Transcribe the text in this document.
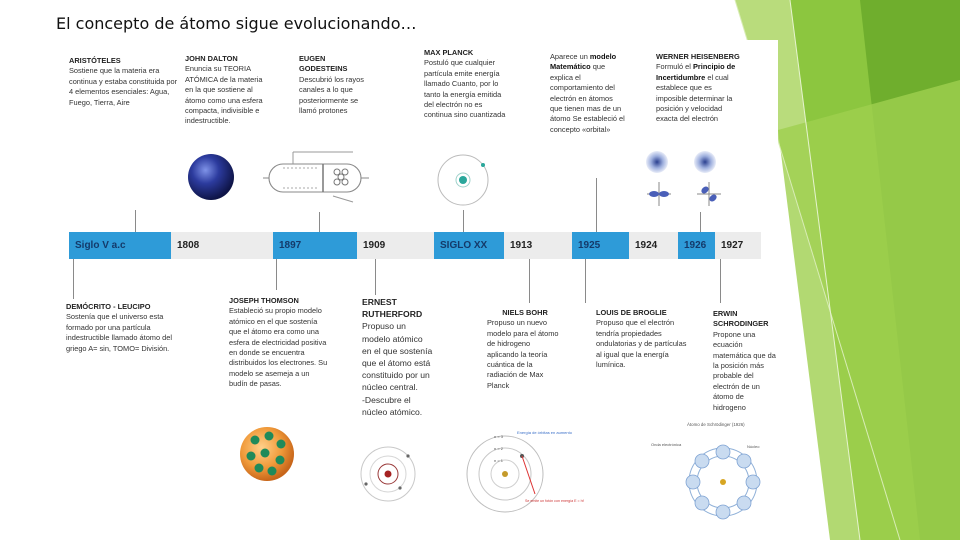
El concepto de átomo sigue evolucionando…
ARISTÓTELES
Sostiene que la materia era continua y estaba constituida por 4 elementos esenciales: Agua, Fuego, Tierra, Aire
JOHN DALTON
Enuncia su TEORIA ATÓMICA de la materia en la que sostiene al átomo como una esfera compacta, indivisible e indestructible.
EUGEN GODESTEINS
Descubrió los rayos canales a lo que posteriormente se llamó protones
MAX PLANCK
Postuló que cualquier partícula emite energía llamado Cuanto, por lo tanto la energía emitida del electrón no es continua sino cuantizada
Aparece un modelo Matemático que explica el comportamiento del electrón en átomos que tienen mas de un átomo Se estableció el concepto «orbital»
WERNER HEISENBERG
Formuló el Principio de Incertidumbre el cual establece que es imposible determinar la posición y velocidad exacta del electrón
Siglo V a.c	1808	1897	1909	SIGLO XX	1913	1925	1924	1926	1927
DEMÓCRITO - LEUCIPO
Sostenía que el universo esta formado por una partícula indestructible llamado átomo del griego A= sin, TOMO= División.
JOSEPH THOMSON
Estableció su propio modelo atómico en el que sostenía que el átomo era como una esfera de electricidad positiva en donde se encuentra distribuidos los electrones. Su modelo se asemeja a un budín de pasas.
ERNEST RUTHERFORD
Propuso un modelo atómico en el que sostenía que el átomo está constituido por un núcleo central.
-Descubre el núcleo atómico.
NIELS BOHR
Propuso un nuevo modelo para el átomo de hidrogeno aplicando la teoría cuántica de la radiación de Max Planck
LOUIS DE BROGLIE
Propuso que el electrón tendría propiedades ondulatorias y de partículas al igual que la energía lumínica.
ERWIN SCHRODINGER
Propone una ecuación matemática que da la posición más probable del electrón de un átomo de hidrogeno
Energía de órbitas en aumento
n = 3
n = 2
n = 1
Se emite un fotón con energía E = hf
Átomo de Schrödinger (1926)
Onda electrónica	Núcleo
